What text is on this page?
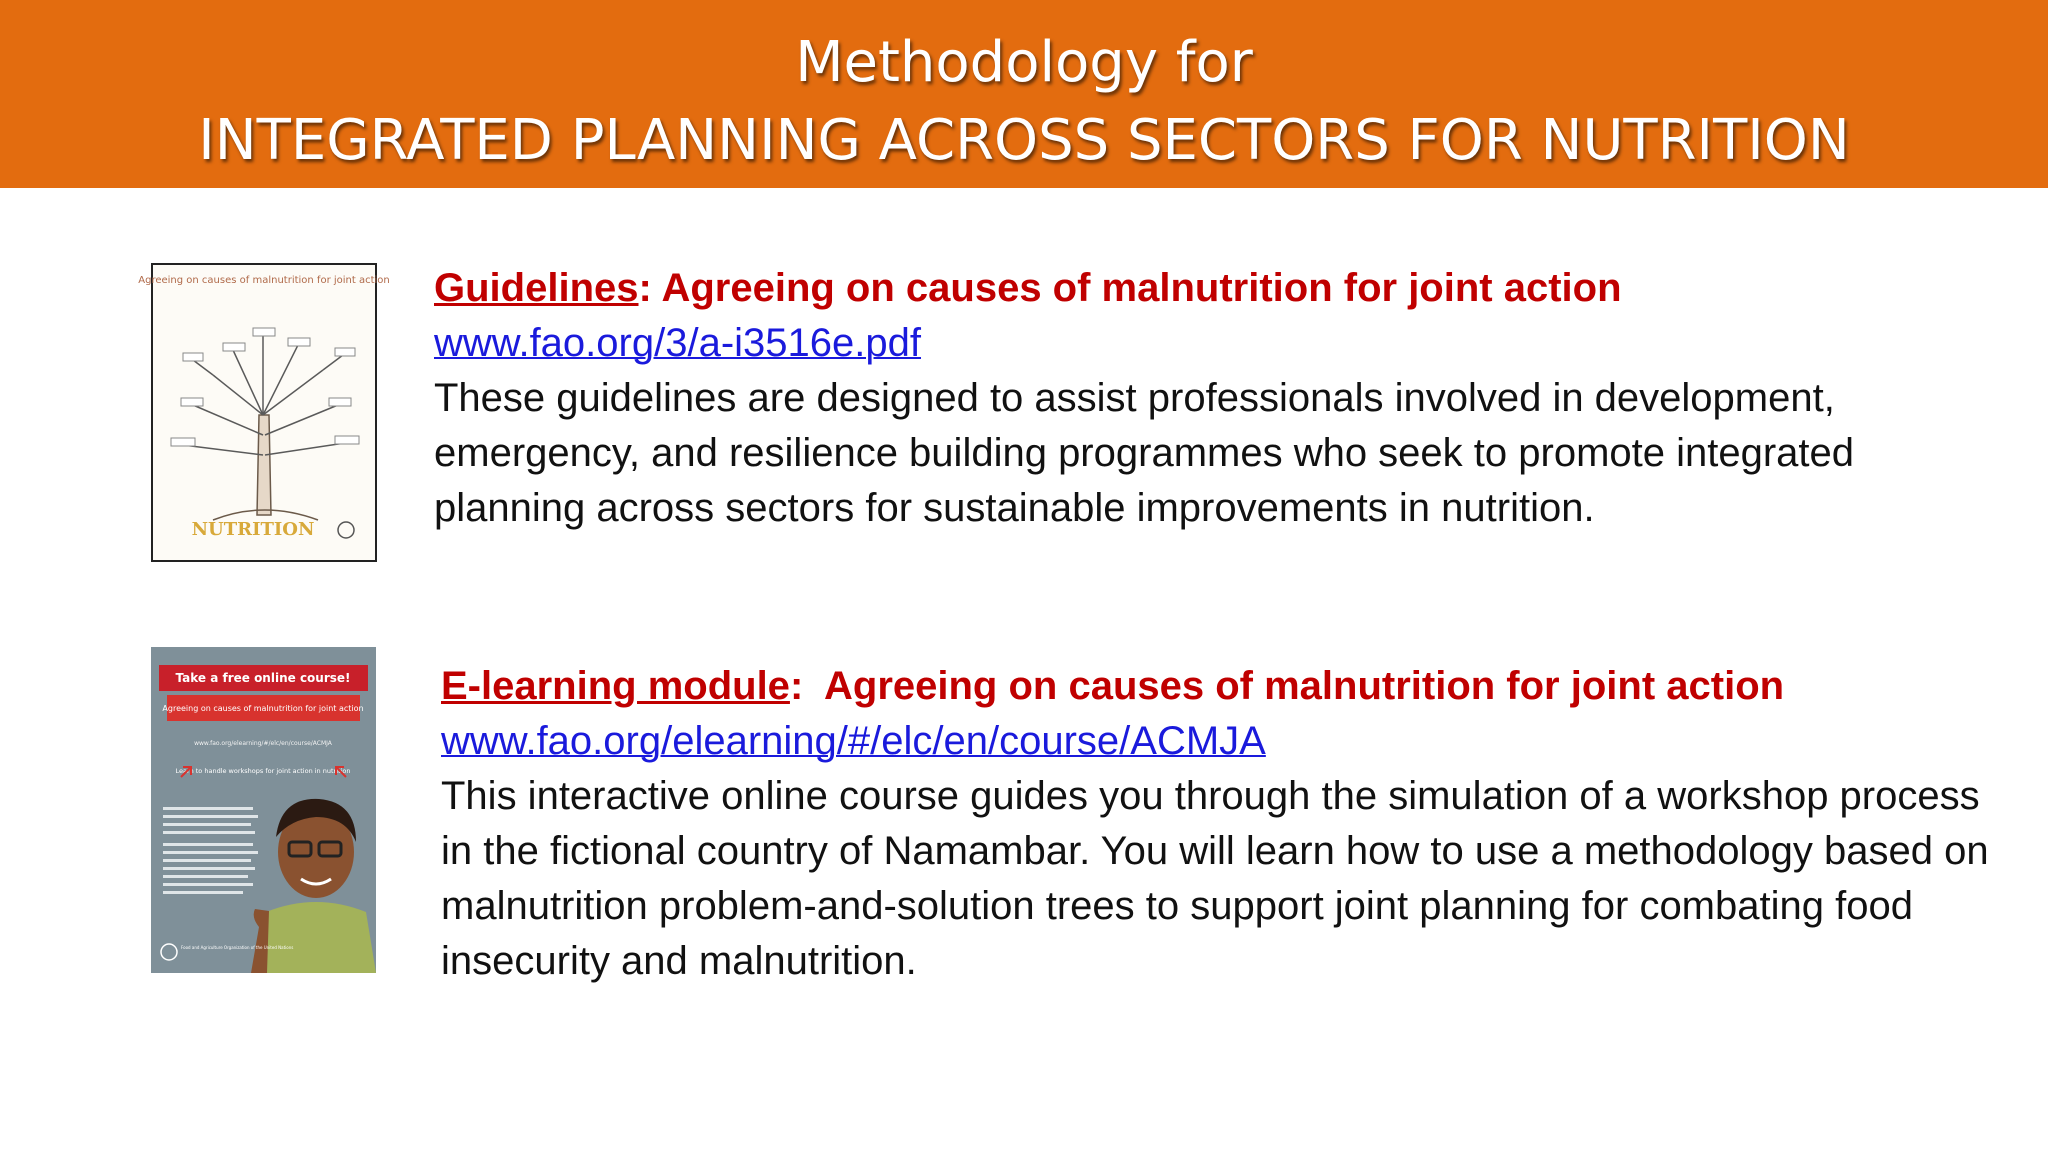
Methodology for
INTEGRATED PLANNING ACROSS SECTORS FOR NUTRITION
Agreeing on causes of malnutrition for joint action
NUTRITION
Guidelines: Agreeing on causes of malnutrition for joint action
www.fao.org/3/a-i3516e.pdf

These guidelines are designed to assist professionals involved in development, emergency, and resilience building programmes who seek to promote integrated planning across sectors for sustainable improvements in nutrition.

Take a free online course!
Agreeing on causes of malnutrition for joint action
www.fao.org/elearning/#/elc/en/course/ACMJA
Learn to handle workshops for joint action in nutrition
Food and Agriculture Organization of the United Nations
E-learning module:  Agreeing on causes of malnutrition for joint action
www.fao.org/elearning/#/elc/en/course/ACMJA

This interactive online course guides you through the simulation of a workshop process in the fictional country of Namambar. You will learn how to use a methodology based on malnutrition problem-and-solution trees to support joint planning for combating food insecurity and malnutrition.
